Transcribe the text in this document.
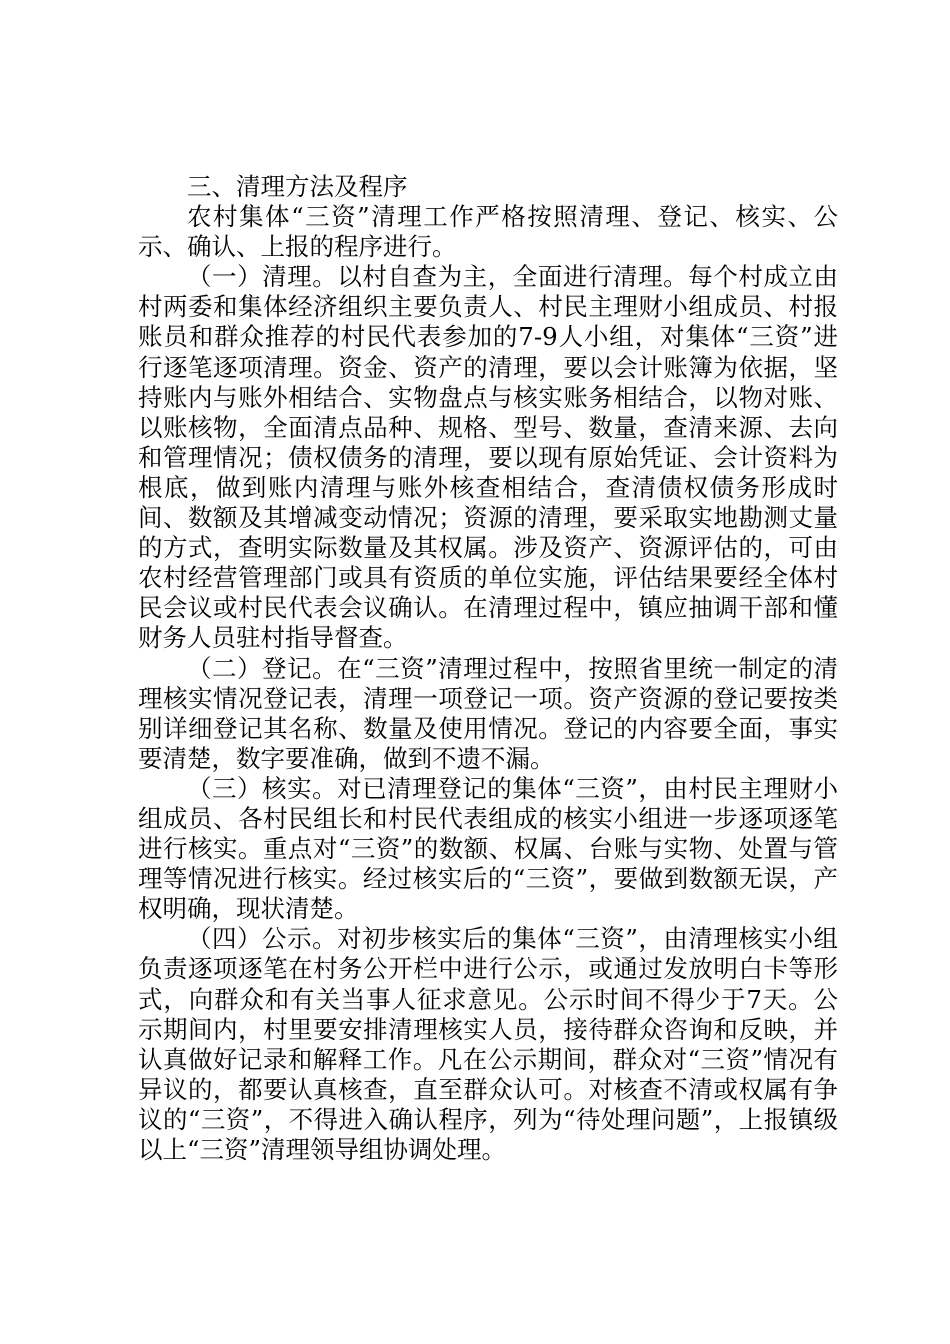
三、清理方法及程序

农村集体“三资”清理工作严格按照清理、登记、核实、公示、确认、上报的程序进行。

（一）清理。以村自查为主，全面进行清理。每个村成立由村两委和集体经济组织主要负责人、村民主理财小组成员、村报账员和群众推荐的村民代表参加的7-9人小组，对集体“三资”进行逐笔逐项清理。资金、资产的清理，要以会计账簿为依据，坚持账内与账外相结合、实物盘点与核实账务相结合，以物对账、以账核物，全面清点品种、规格、型号、数量，查清来源、去向和管理情况；债权债务的清理，要以现有原始凭证、会计资料为根底，做到账内清理与账外核查相结合，查清债权债务形成时间、数额及其增减变动情况；资源的清理，要采取实地勘测丈量的方式，查明实际数量及其权属。涉及资产、资源评估的，可由农村经营管理部门或具有资质的单位实施，评估结果要经全体村民会议或村民代表会议确认。在清理过程中，镇应抽调干部和懂财务人员驻村指导督查。

（二）登记。在“三资”清理过程中，按照省里统一制定的清理核实情况登记表，清理一项登记一项。资产资源的登记要按类别详细登记其名称、数量及使用情况。登记的内容要全面，事实要清楚，数字要准确，做到不遗不漏。

（三）核实。对已清理登记的集体“三资”，由村民主理财小组成员、各村民组长和村民代表组成的核实小组进一步逐项逐笔进行核实。重点对“三资”的数额、权属、台账与实物、处置与管理等情况进行核实。经过核实后的“三资”，要做到数额无误，产权明确，现状清楚。

（四）公示。对初步核实后的集体“三资”，由清理核实小组负责逐项逐笔在村务公开栏中进行公示，或通过发放明白卡等形式，向群众和有关当事人征求意见。公示时间不得少于7天。公示期间内，村里要安排清理核实人员，接待群众咨询和反映，并认真做好记录和解释工作。凡在公示期间，群众对“三资”情况有异议的，都要认真核查，直至群众认可。对核查不清或权属有争议的“三资”，不得进入确认程序，列为“待处理问题”，上报镇级以上“三资”清理领导组协调处理。
